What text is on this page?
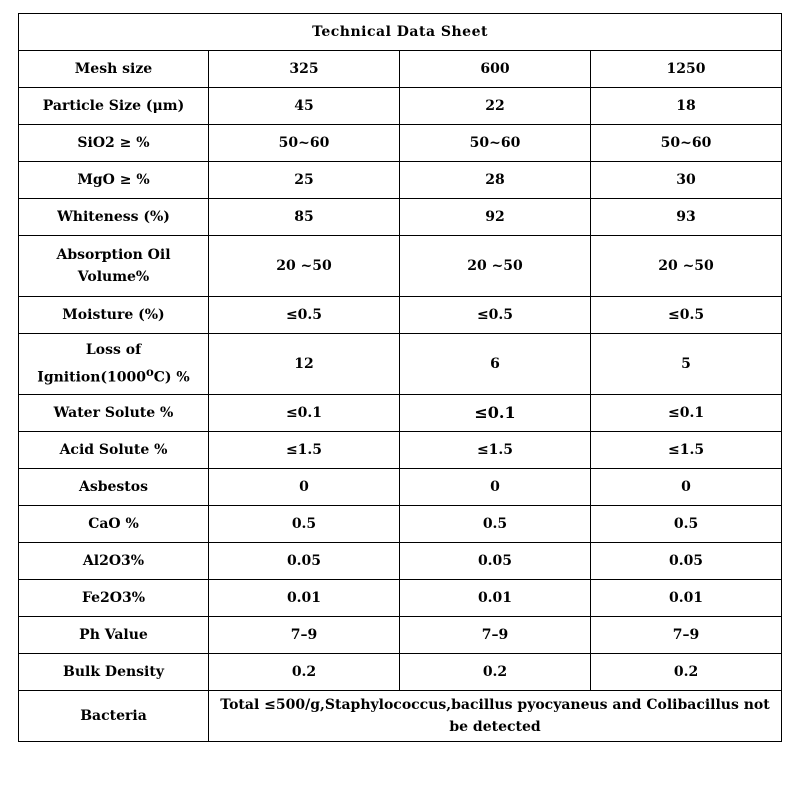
Technical Data Sheet			
Mesh size	325	600	1250
Particle Size (μm)	45	22	18
SiO2 ≥ %	50~60	50~60	50~60
MgO ≥ %	25	28	30
Whiteness (%)	85	92	93
Absorption Oil
Volume%	20 ~50	20 ~50	20 ~50
Moisture (%)	≤0.5	≤0.5	≤0.5
Loss of
Ignition(1000$^o$C) %	12	6	5
Water Solute %	≤0.1	≤0.1	≤0.1
Acid Solute %	≤1.5	≤1.5	≤1.5
Asbestos	0	0	0
CaO %	0.5	0.5	0.5
Al2O3%	0.05	0.05	0.05
Fe2O3%	0.01	0.01	0.01
Ph Value	7–9	7–9	7–9
Bulk Density	0.2	0.2	0.2
Bacteria	Total ≤500/g,Staphylococcus,bacillus pyocyaneus and Colibacillus not be detected		
